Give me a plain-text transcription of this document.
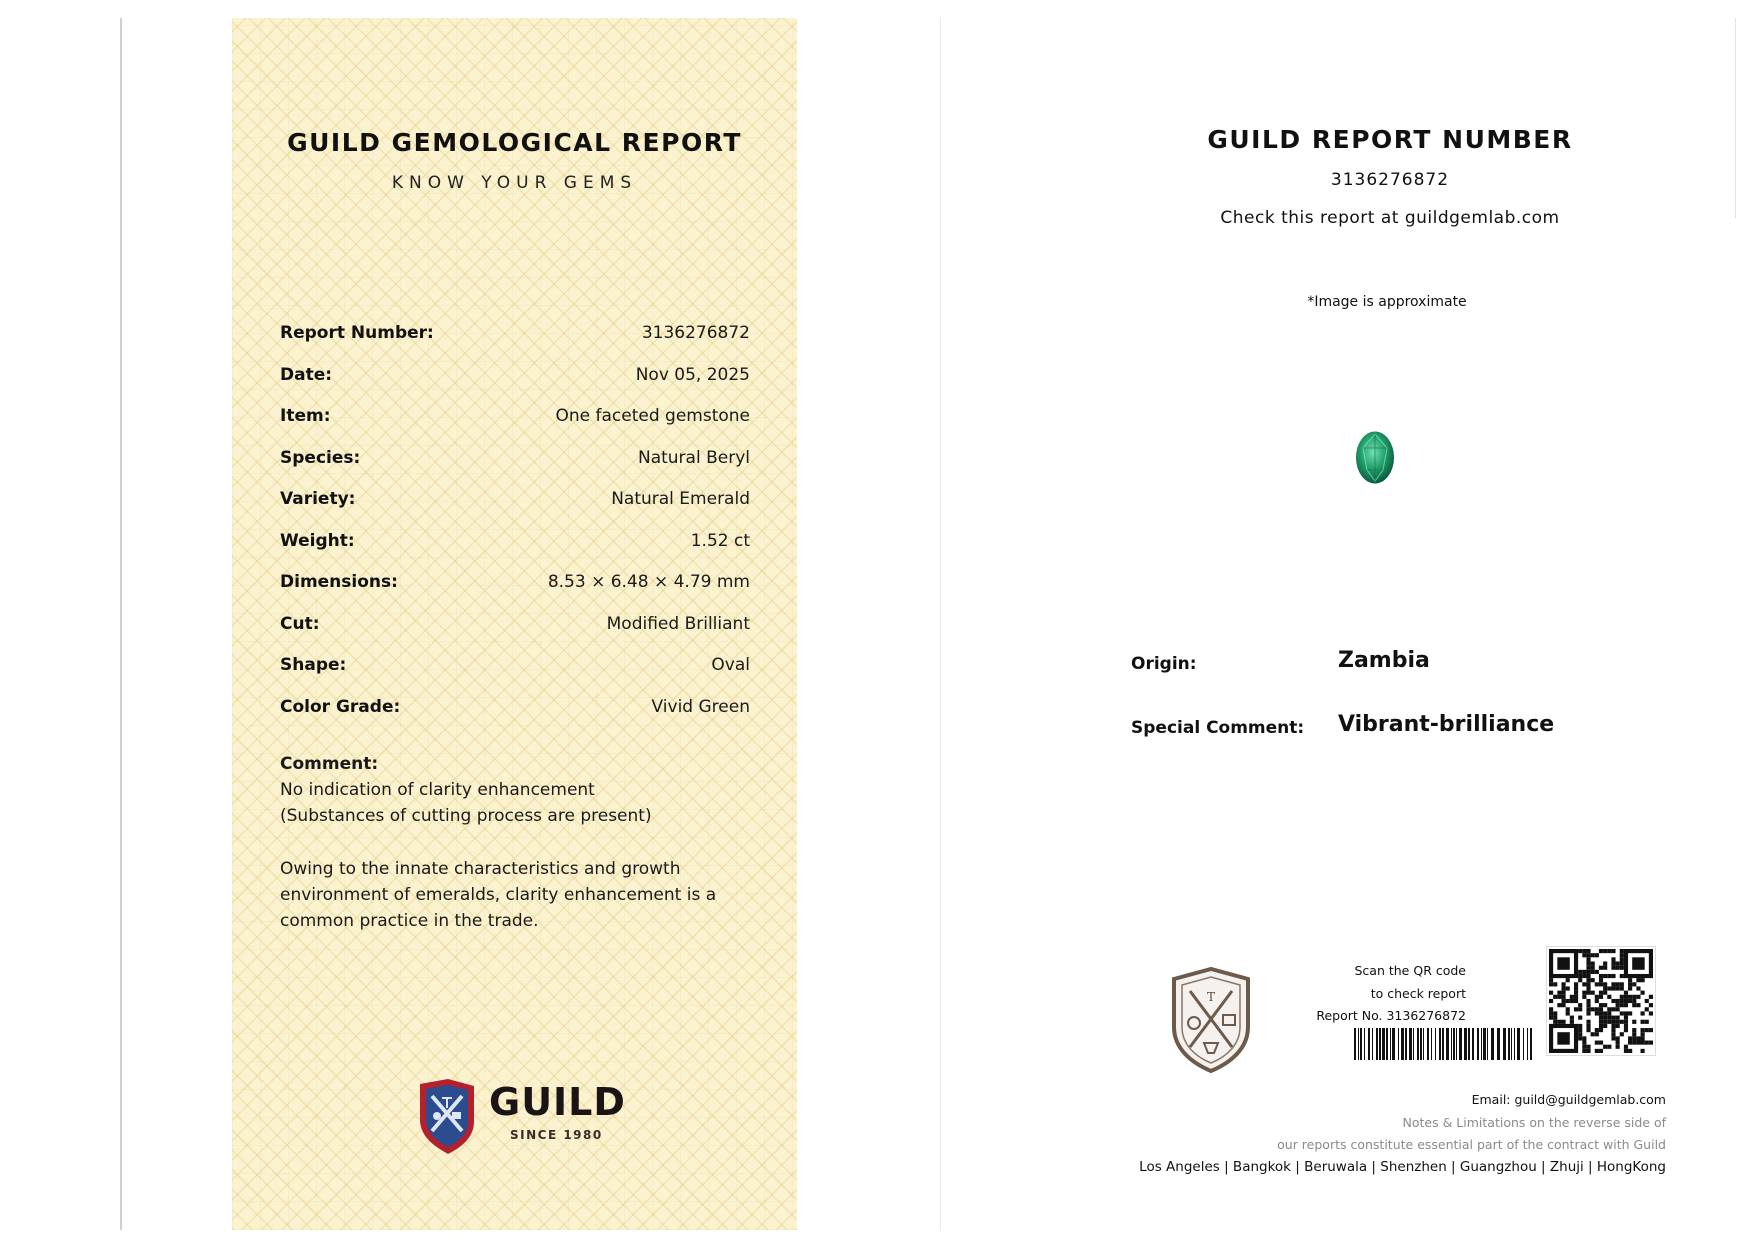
GUILD GEMOLOGICAL REPORT
KNOW YOUR GEMS
Report Number:	3136276872
Date:	Nov 05, 2025
Item:	One faceted gemstone
Species:	Natural Beryl
Variety:	Natural Emerald
Weight:	1.52 ct
Dimensions:	8.53 × 6.48 × 4.79 mm
Cut:	Modified Brilliant
Shape:	Oval
Color Grade:	Vivid Green
Comment:
No indication of clarity enhancement
(Substances of cutting process are present)
Owing to the innate characteristics and growth
environment of emeralds, clarity enhancement is a
common practice in the trade.
GUILD
SINCE 1980
GUILD REPORT NUMBER
3136276872
Check this report at guildgemlab.com
*Image is approximate
Origin:	Zambia
Special Comment: Vibrant-brilliance
T
Scan the QR code
to check report
Report No. 3136276872
Email: guild@guildgemlab.com
Notes & Limitations on the reverse side of
our reports constitute essential part of the contract with Guild
Los Angeles | Bangkok | Beruwala | Shenzhen | Guangzhou | Zhuji | HongKong
